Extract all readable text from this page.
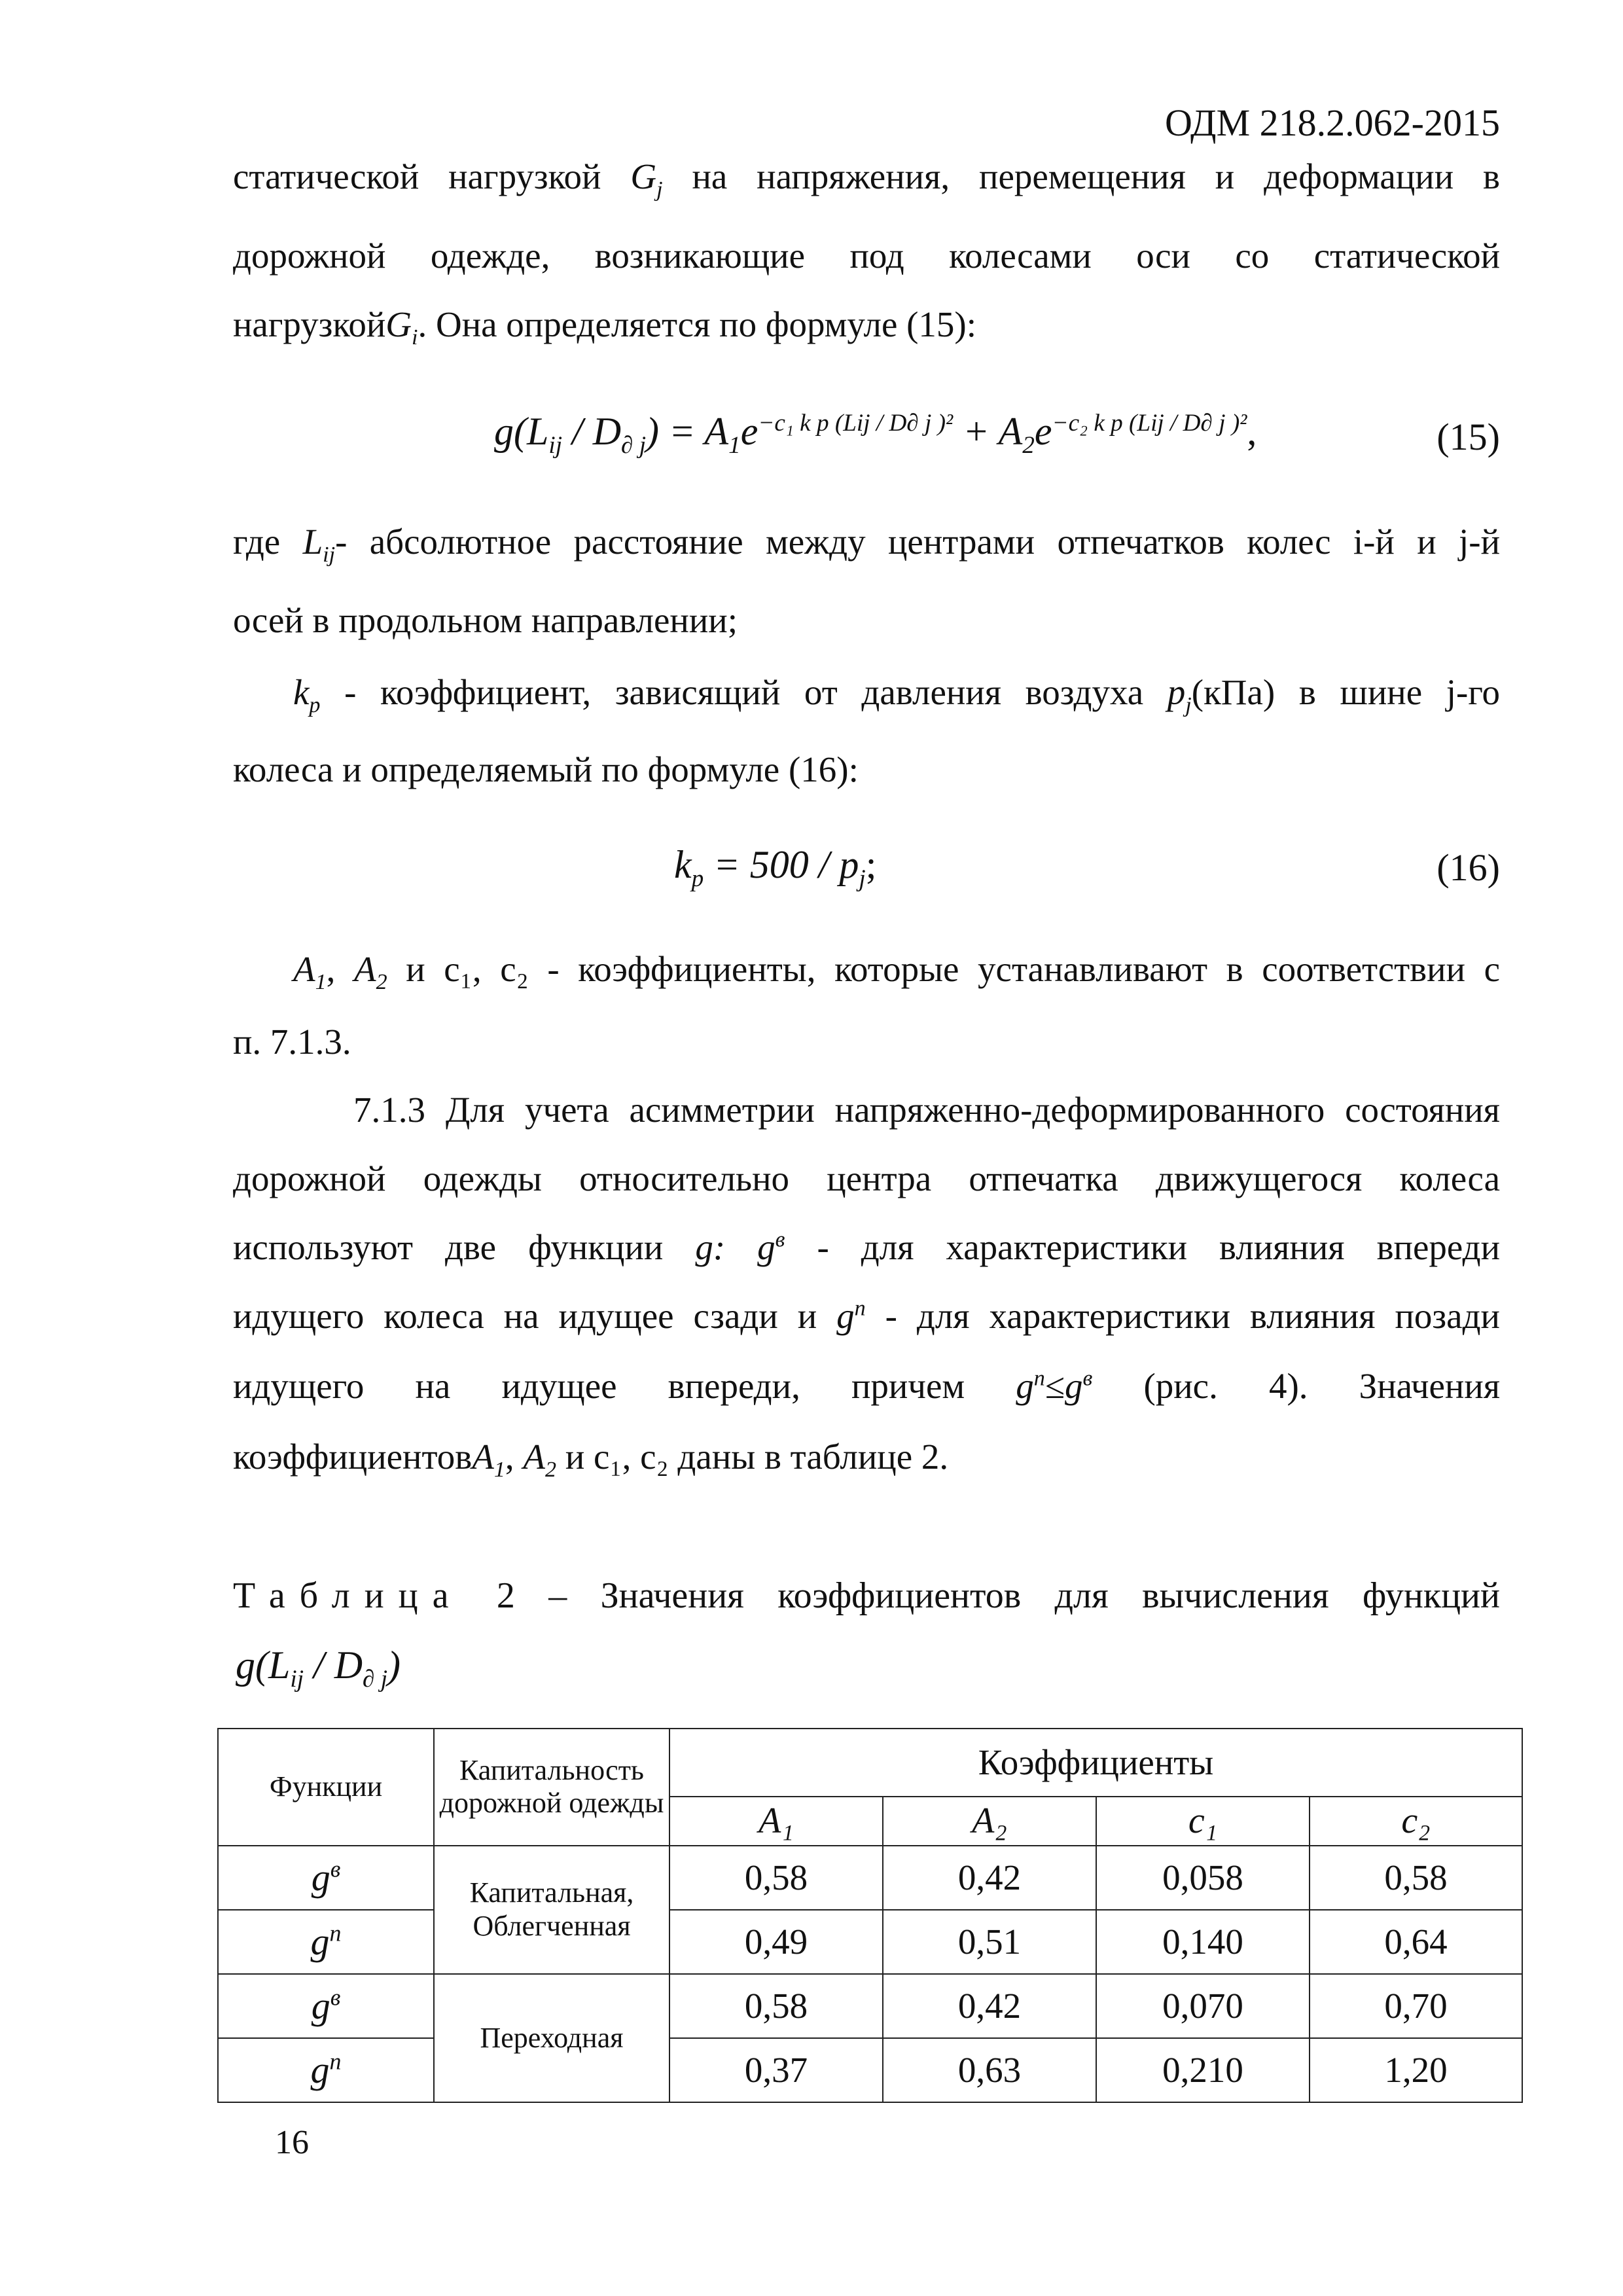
ОДМ 218.2.062-2015
статической нагрузкой $G_j$ на напряжения, перемещения и деформации в
дорожной одежде, возникающие под колесами оси со статической
нагрузкойG$_i$. Она определяется по формуле (15):
$g(L_{ij} / D_{\partial j}) = A_1e^{-c_1 k p (Lij / D\partial j )^2} + A_2e^{-c_2 k p (Lij / D\partial j )^2}$,	(15)
где $L_{ij}-$ абсолютное расстояние между центрами отпечатков колес i-й и j-й
осей в продольном направлении;
$k_p$ - коэффициент, зависящий от давления воздуха $p_j(кПа)$ в шине j-го
колеса и определяемый по формуле (16):
$k_p = 500 / p_j$;	(16)
$A_1$, $A_2$ и с₁, с₂ - коэффициенты, которые устанавливают в соответствии с
п. 7.1.3.
7.1.3 Для учета асимметрии напряженно-деформированного состояния
дорожной одежды относительно центра отпечатка движущегося колеса
используют две функции g: $g^в$ - для характеристики влияния впереди
идущего колеса на идущее сзади и $g^п$ - для характеристики влияния позади
идущего на идущее впереди, причем $g^п\le g^в$ (рис. 4). Значения
коэффициентовA$_1$, $A_2$ и с₁, с₂ даны в таблице 2.
Таблица 2 – Значения коэффициентов для вычисления функций
$g(L_{ij} / D_{\partial j})$
Функции	Капитальность дорожной одежды	Коэффициенты			
		A₁	A₂	c₁	c₂
$g^в$	Капитальная, Облегченная	0,58	0,42	0,058	0,58
$g^п$		0,49	0,51	0,140	0,64
$g^в$	Переходная	0,58	0,42	0,070	0,70
$g^п$		0,37	0,63	0,210	1,20
16
